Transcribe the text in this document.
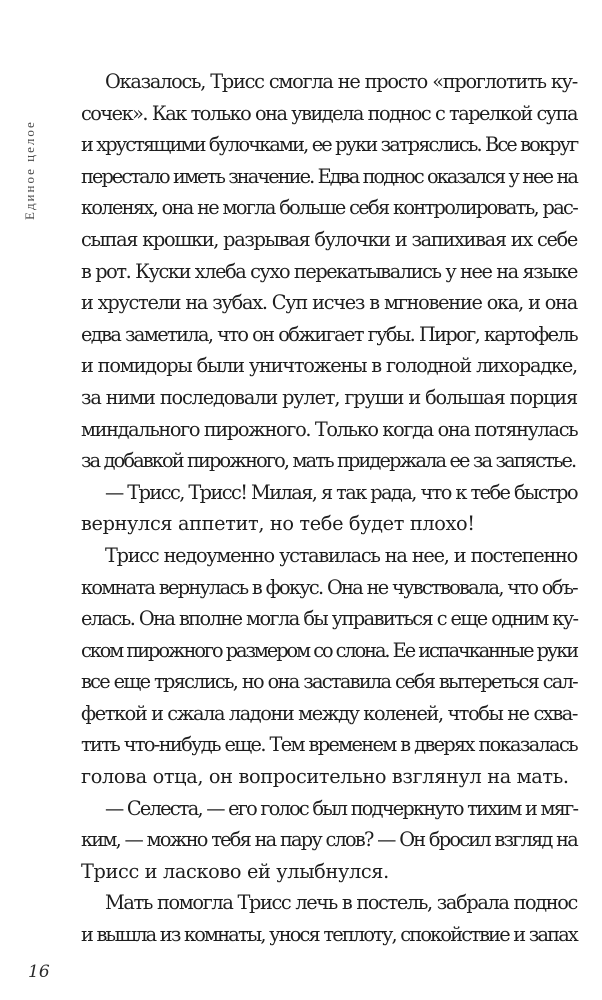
Единое целое
Оказалось, Трисс смогла не просто «проглотить ку-
сочек». Как только она увидела поднос с тарелкой супа
и хрустящими булочками, ее руки затряслись. Все вокруг
перестало иметь значение. Едва поднос оказался у нее на
коленях, она не могла больше себя контролировать, рас-
сыпая крошки, разрывая булочки и запихивая их себе
в рот. Куски хлеба сухо перекатывались у нее на языке
и хрустели на зубах. Суп исчез в мгновение ока, и она
едва заметила, что он обжигает губы. Пирог, картофель
и помидоры были уничтожены в голодной лихорадке,
за ними последовали рулет, груши и большая порция
миндального пирожного. Только когда она потянулась
за добавкой пирожного, мать придержала ее за запястье.
— Трисс, Трисс! Милая, я так рада, что к тебе быстро
вернулся аппетит, но тебе будет плохо!
Трисс недоуменно уставилась на нее, и постепенно
комната вернулась в фокус. Она не чувствовала, что объ-
елась. Она вполне могла бы управиться с еще одним ку-
ском пирожного размером со слона. Ее испачканные руки
все еще тряслись, но она заставила себя вытереться сал-
феткой и сжала ладони между коленей, чтобы не схва-
тить что-нибудь еще. Тем временем в дверях показалась
голова отца, он вопросительно взглянул на мать.
— Селеста, — его голос был подчеркнуто тихим и мяг-
ким, — можно тебя на пару слов? — Он бросил взгляд на
Трисс и ласково ей улыбнулся.
Мать помогла Трисс лечь в постель, забрала поднос
и вышла из комнаты, унося теплоту, спокойствие и запах
16
